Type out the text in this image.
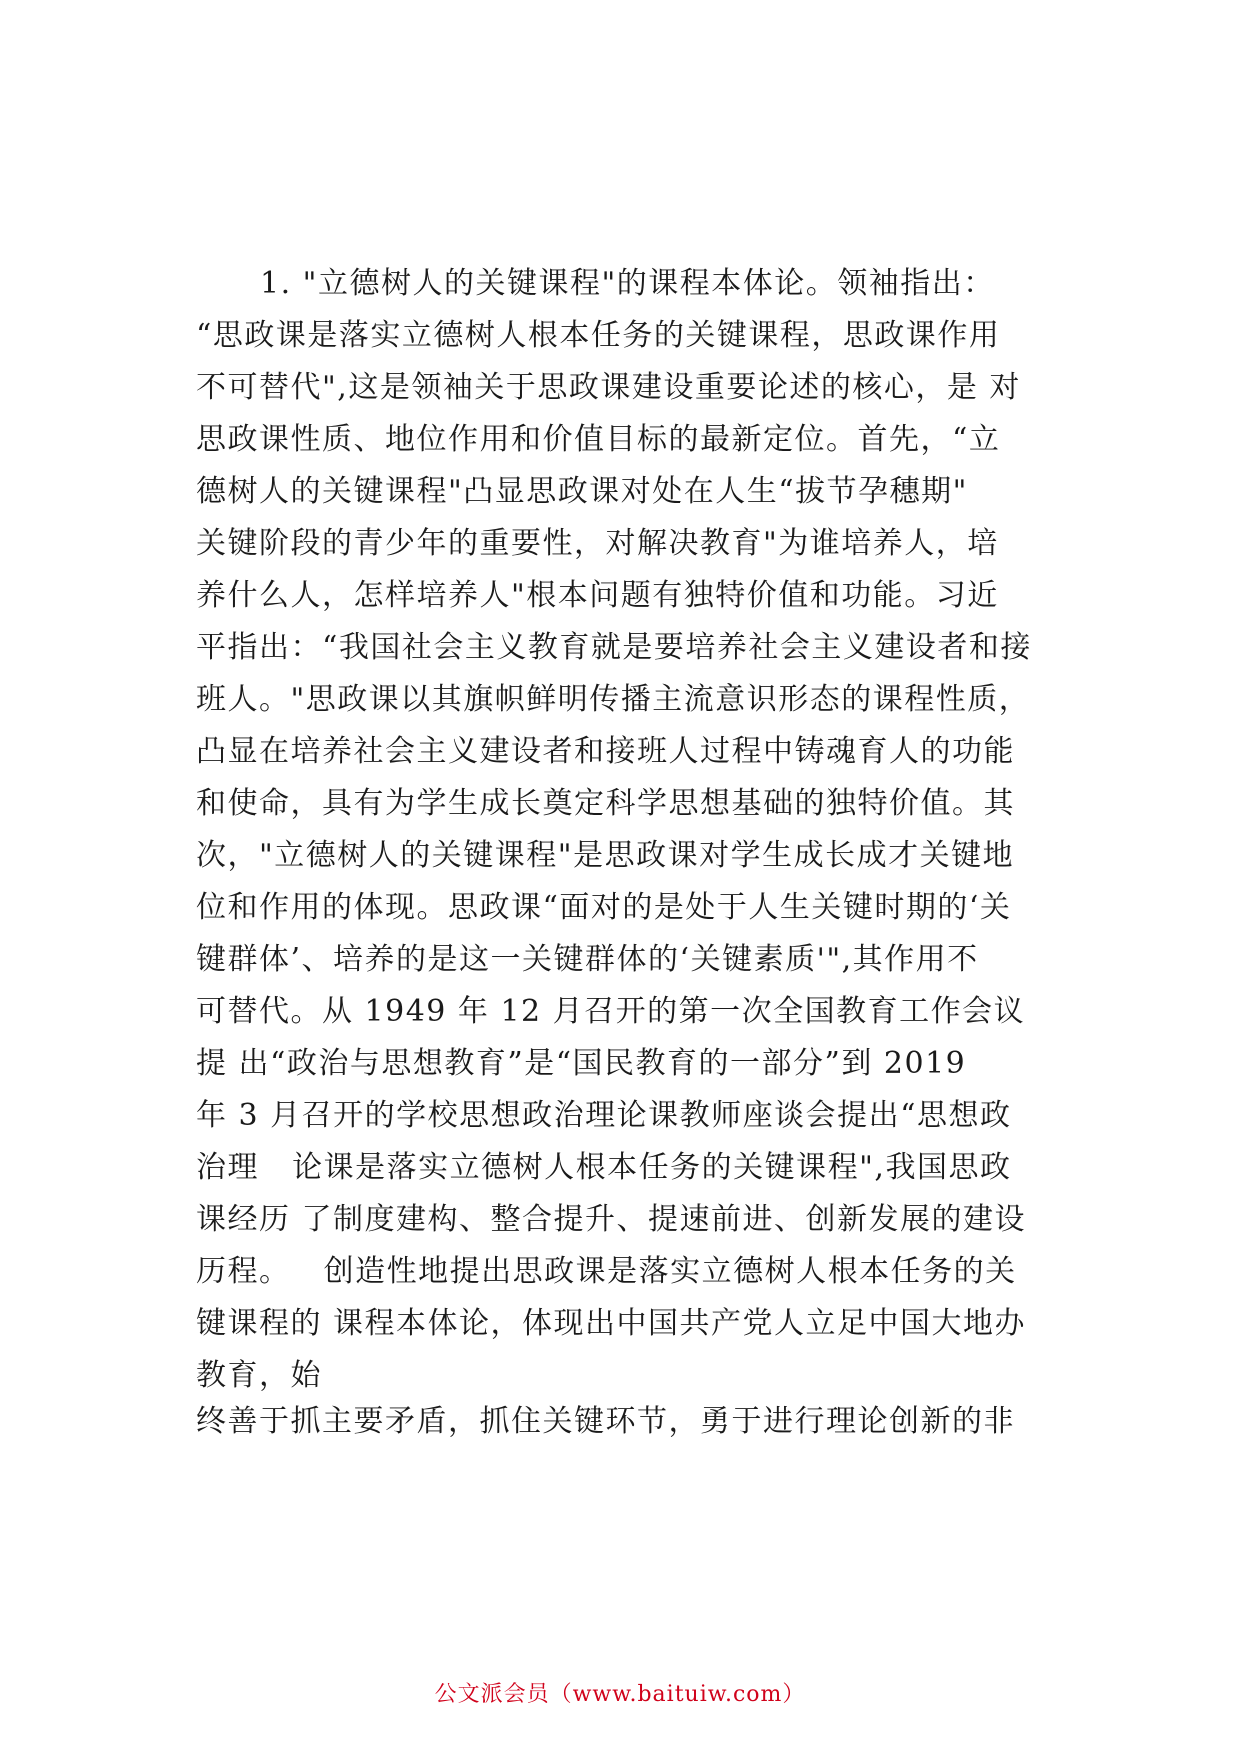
1. "立德树人的关键课程"的课程本体论。领袖指出：
“思政课是落实立德树人根本任务的关键课程，思政课作用
不可替代",这是领袖关于思政课建设重要论述的核心，是 对
思政课性质、地位作用和价值目标的最新定位。首先，“立
德树人的关键课程"凸显思政课对处在人生“拔节孕穗期"
关键阶段的青少年的重要性，对解决教育"为谁培养人，培
养什么人，怎样培养人"根本问题有独特价值和功能。习近
平指出：“我国社会主义教育就是要培养社会主义建设者和接
班人。"思政课以其旗帜鲜明传播主流意识形态的课程性质，
凸显在培养社会主义建设者和接班人过程中铸魂育人的功能
和使命，具有为学生成长奠定科学思想基础的独特价值。其
次，"立德树人的关键课程"是思政课对学生成长成才关键地
位和作用的体现。思政课“面对的是处于人生关键时期的‘关
键群体’、培养的是这一关键群体的‘关键素质'",其作用不
可替代。从 1949 年 12 月召开的第一次全国教育工作会议
提 出“政治与思想教育”是“国民教育的一部分”到 2019
年 3 月召开的学校思想政治理论课教师座谈会提出“思想政
治理   论课是落实立德树人根本任务的关键课程",我国思政
课经历 了制度建构、整合提升、提速前进、创新发展的建设
历程。   创造性地提出思政课是落实立德树人根本任务的关
键课程的 课程本体论，体现出中国共产党人立足中国大地办
教育，始
终善于抓主要矛盾，抓住关键环节，勇于进行理论创新的非
公文派会员（www.baituiw.com）
